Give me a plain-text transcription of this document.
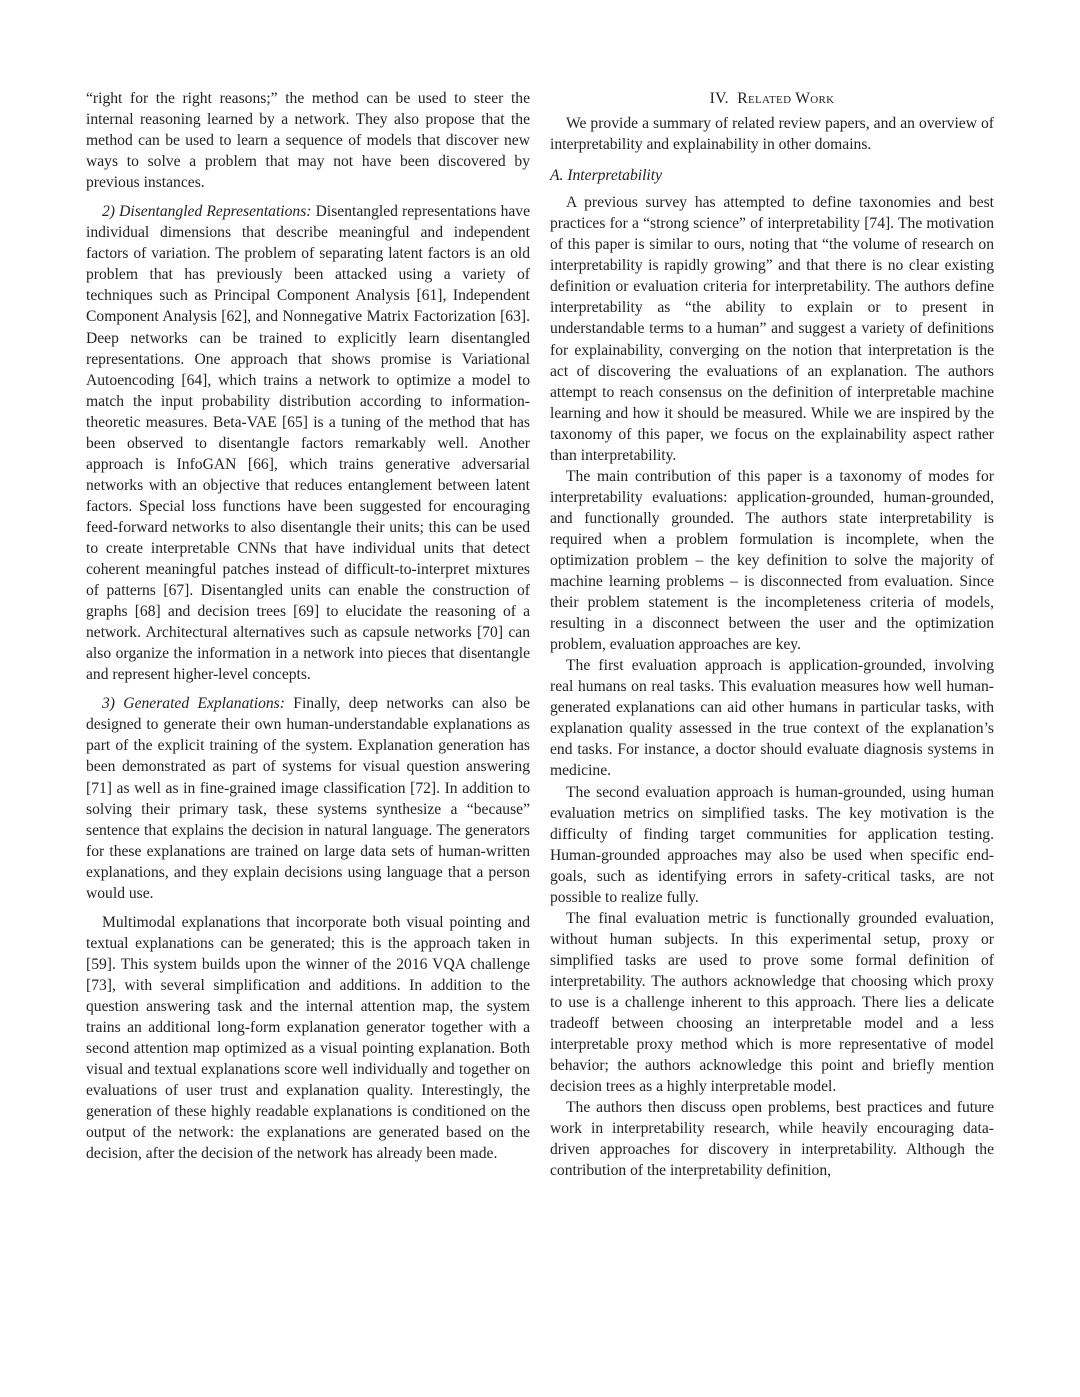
“right for the right reasons;” the method can be used to steer the internal reasoning learned by a network. They also propose that the method can be used to learn a sequence of models that discover new ways to solve a problem that may not have been discovered by previous instances.

2) Disentangled Representations: Disentangled representations have individual dimensions that describe meaningful and independent factors of variation. The problem of separating latent factors is an old problem that has previously been attacked using a variety of techniques such as Principal Component Analysis [61], Independent Component Analysis [62], and Nonnegative Matrix Factorization [63]. Deep networks can be trained to explicitly learn disentangled representations. One approach that shows promise is Variational Autoencoding [64], which trains a network to optimize a model to match the input probability distribution according to information-theoretic measures. Beta-VAE [65] is a tuning of the method that has been observed to disentangle factors remarkably well. Another approach is InfoGAN [66], which trains generative adversarial networks with an objective that reduces entanglement between latent factors. Special loss functions have been suggested for encouraging feed-forward networks to also disentangle their units; this can be used to create interpretable CNNs that have individual units that detect coherent meaningful patches instead of difficult-to-interpret mixtures of patterns [67]. Disentangled units can enable the construction of graphs [68] and decision trees [69] to elucidate the reasoning of a network. Architectural alternatives such as capsule networks [70] can also organize the information in a network into pieces that disentangle and represent higher-level concepts.

3) Generated Explanations: Finally, deep networks can also be designed to generate their own human-understandable explanations as part of the explicit training of the system. Explanation generation has been demonstrated as part of systems for visual question answering [71] as well as in fine-grained image classification [72]. In addition to solving their primary task, these systems synthesize a “because” sentence that explains the decision in natural language. The generators for these explanations are trained on large data sets of human-written explanations, and they explain decisions using language that a person would use.

Multimodal explanations that incorporate both visual pointing and textual explanations can be generated; this is the approach taken in [59]. This system builds upon the winner of the 2016 VQA challenge [73], with several simplification and additions. In addition to the question answering task and the internal attention map, the system trains an additional long-form explanation generator together with a second attention map optimized as a visual pointing explanation. Both visual and textual explanations score well individually and together on evaluations of user trust and explanation quality. Interestingly, the generation of these highly readable explanations is conditioned on the output of the network: the explanations are generated based on the decision, after the decision of the network has already been made.

IV. Related Work

We provide a summary of related review papers, and an overview of interpretability and explainability in other domains.

A. Interpretability

A previous survey has attempted to define taxonomies and best practices for a “strong science” of interpretability [74]. The motivation of this paper is similar to ours, noting that “the volume of research on interpretability is rapidly growing” and that there is no clear existing definition or evaluation criteria for interpretability. The authors define interpretability as “the ability to explain or to present in understandable terms to a human” and suggest a variety of definitions for explainability, converging on the notion that interpretation is the act of discovering the evaluations of an explanation. The authors attempt to reach consensus on the definition of interpretable machine learning and how it should be measured. While we are inspired by the taxonomy of this paper, we focus on the explainability aspect rather than interpretability.

The main contribution of this paper is a taxonomy of modes for interpretability evaluations: application-grounded, human-grounded, and functionally grounded. The authors state interpretability is required when a problem formulation is incomplete, when the optimization problem – the key definition to solve the majority of machine learning problems – is disconnected from evaluation. Since their problem statement is the incompleteness criteria of models, resulting in a disconnect between the user and the optimization problem, evaluation approaches are key.

The first evaluation approach is application-grounded, involving real humans on real tasks. This evaluation measures how well human-generated explanations can aid other humans in particular tasks, with explanation quality assessed in the true context of the explanation’s end tasks. For instance, a doctor should evaluate diagnosis systems in medicine.

The second evaluation approach is human-grounded, using human evaluation metrics on simplified tasks. The key motivation is the difficulty of finding target communities for application testing. Human-grounded approaches may also be used when specific end-goals, such as identifying errors in safety-critical tasks, are not possible to realize fully.

The final evaluation metric is functionally grounded evaluation, without human subjects. In this experimental setup, proxy or simplified tasks are used to prove some formal definition of interpretability. The authors acknowledge that choosing which proxy to use is a challenge inherent to this approach. There lies a delicate tradeoff between choosing an interpretable model and a less interpretable proxy method which is more representative of model behavior; the authors acknowledge this point and briefly mention decision trees as a highly interpretable model.

The authors then discuss open problems, best practices and future work in interpretability research, while heavily encouraging data-driven approaches for discovery in interpretability. Although the contribution of the interpretability definition,
